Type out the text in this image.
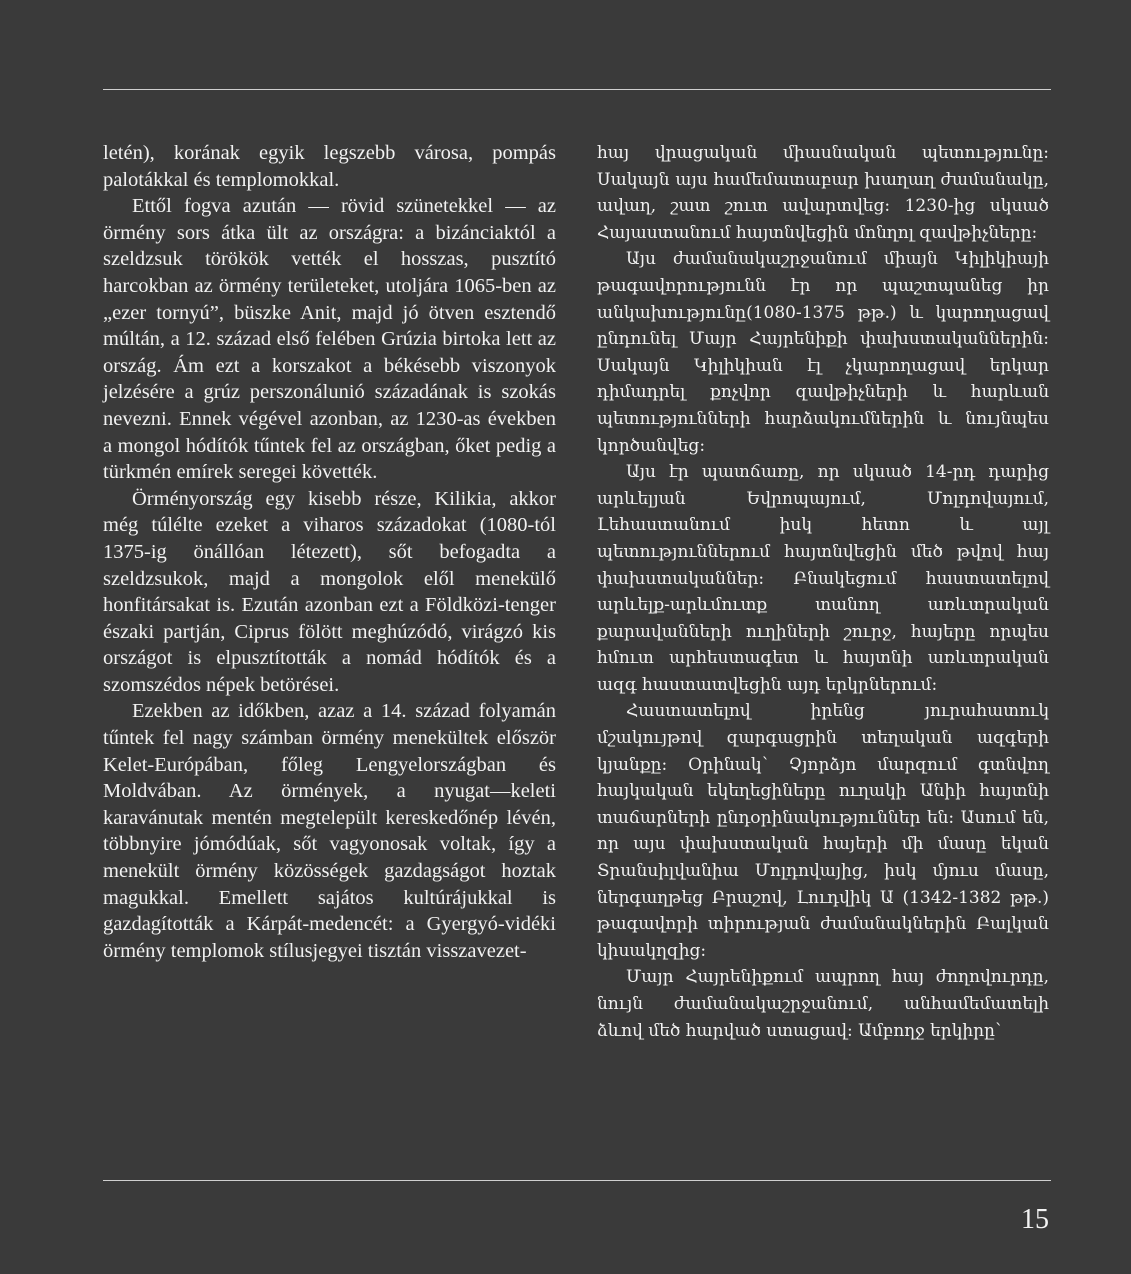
letén), korának egyik legszebb városa, pompás palotákkal és templomokkal.

Ettől fogva azután — rövid szünetekkel — az örmény sors átka ült az országra: a bizánciaktól a szeldzsuk törökök vették el hosszas, pusztító harcokban az örmény területeket, utoljára 1065-ben az „ezer tornyú”, büszke Anit, majd jó ötven esztendő múltán, a 12. század első felében Grúzia birtoka lett az ország. Ám ezt a korszakot a békésebb viszonyok jelzésére a grúz perszonálunió századának is szokás nevezni. Ennek végével azonban, az 1230-as években a mongol hódítók tűntek fel az országban, őket pedig a türkmén emírek seregei követték.

Örményország egy kisebb része, Kilikia, akkor még túlélte ezeket a viharos századokat (1080-tól 1375-ig önállóan létezett), sőt befogadta a szeldzsukok, majd a mongolok elől menekülő honfitársakat is. Ezután azonban ezt a Földközi-tenger északi partján, Ciprus fölött meghúzódó, virágzó kis országot is elpusztították a nomád hódítók és a szomszédos népek betörései.

Ezekben az időkben, azaz a 14. század folyamán tűntek fel nagy számban örmény menekültek először Kelet-Európában, főleg Lengyelországban és Moldvában. Az örmények, a nyugat—keleti karavánutak mentén megtelepült kereskedőnép lévén, többnyire jómódúak, sőt vagyonosak voltak, így a menekült örmény közösségek gazdagságot hoztak magukkal. Emellett sajátos kultúrájukkal is gazdagították a Kárpát-medencét: a Gyergyó-vidéki örmény templomok stílusjegyei tisztán visszavezet-

հայ վրացական միասնական պետությունը: Սակայն այս համեմատաբար խաղաղ ժամանակը, ավաղ, շատ շուտ ավարտվեց: 1230-ից սկսած Հայաստանում հայտնվեցին մոնղոլ զավթիչները:

Այս ժամանակաշրջանում միայն Կիլիկիայի թագավորությունն էր որ պաշտպանեց իր անկախությունը(1080-1375 թթ.) և կարողացավ ընդունել Մայր Հայրենիքի փախստականներին: Սակայն Կիլիկիան էլ չկարողացավ երկար դիմադրել քոչվոր զավթիչների և հարևան պետությունների հարձակումներին և նույնպես կործանվեց:

Այս էր պատճառը, որ սկսած 14-րդ դարից արևելյան Եվրոպայում, Մոլդովայում, Լեհաստանում իսկ հետո և այլ պետություններում հայտնվեցին մեծ թվով հայ փախստականներ: Բնակեցում հաստատելով արևելք-արևմուտք տանող առևտրական քարավանների ուղիների շուրջ, հայերը որպես հմուտ արհեստագետ և հայտնի առևտրական ազգ հաստատվեցին այդ երկրներում:

Հաստատելով իրենց յուրահատուկ մշակույթով զարգացրին տեղական ազգերի կյանքը: Օրինակ՝ Չյորձյո մարզում գտնվող հայկական եկեղեցիները ուղակի Անիի հայտնի տաճարների ընդօրինակություններ են: Ասում են, որ այս փախստական հայերի մի մասը եկան Տրանսիլվանիա Մոլդովայից, իսկ մյուս մասը, ներգաղթեց Բրաշով, Լուդվիկ Ա (1342-1382 թթ.) թագավորի տիրության ժամանակներին Բալկան կիսակղզից:

Մայր Հայրենիքում ապրող հայ ժողովուրդը, նույն ժամանակաշրջանում, անհամեմատելի ձևով մեծ հարված ստացավ: Ամբողջ երկիրը՝

15
